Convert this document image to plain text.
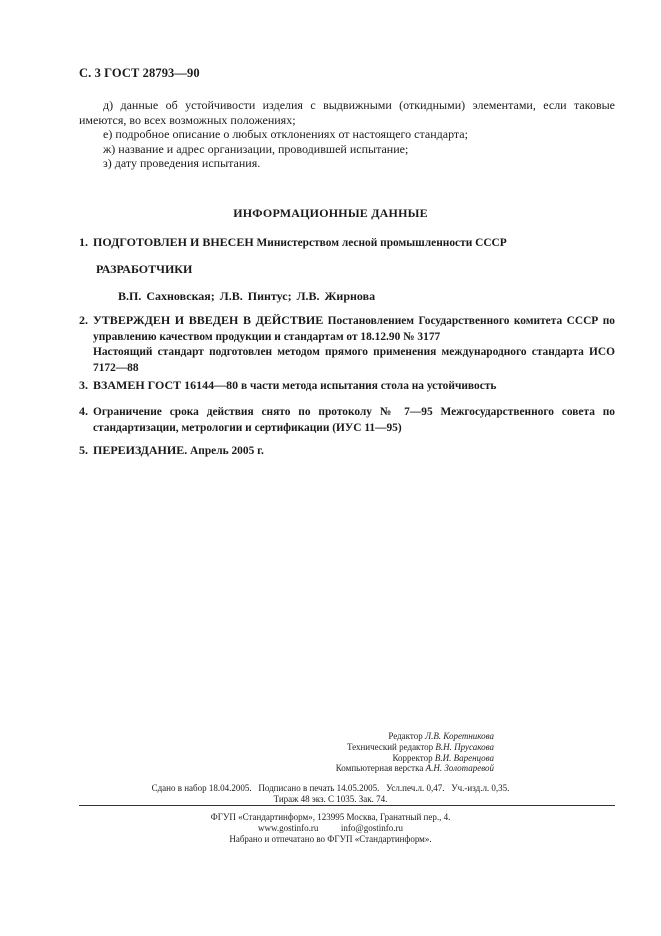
С. 3 ГОСТ 28793—90

д) данные об устойчивости изделия с выдвижными (откидными) элементами, если таковые имеются, во всех возможных положениях;

е) подробное описание о любых отклонениях от настоящего стандарта;

ж) название и адрес организации, проводившей испытание;

з) дату проведения испытания.

ИНФОРМАЦИОННЫЕ ДАННЫЕ
1. ПОДГОТОВЛЕН И ВНЕСЕН Министерством лесной промышленности СССР
РАЗРАБОТЧИКИ
В.П. Сахновская; Л.В. Пинтус; Л.В. Жирнова
2. УТВЕРЖДЕН И ВВЕДЕН В ДЕЙСТВИЕ Постановлением Государственного комитета СССР по управлению качеством продукции и стандартам от 18.12.90 № 3177
Настоящий стандарт подготовлен методом прямого применения международного стандарта ИСО 7172—88
3. ВЗАМЕН ГОСТ 16144—80 в части метода испытания стола на устойчивость
4. Ограничение срока действия снято по протоколу № 7—95 Межгосударственного совета по стандартизации, метрологии и сертификации (ИУС 11—95)
5. ПЕРЕИЗДАНИЕ. Апрель 2005 г.
Редактор Л.В. Коретникова
Технический редактор В.Н. Прусакова
Корректор В.И. Варенцова
Компьютерная верстка А.Н. Золотаревой
Сдано в набор 18.04.2005.   Подписано в печать 14.05.2005.   Усл.печ.л. 0,47.   Уч.-изд.л. 0,35.
Тираж 48 экз. С 1035. Зак. 74.
ФГУП «Стандартинформ», 123995 Москва, Гранатный пер., 4.
www.gostinfo.ru          info@gostinfo.ru
Набрано и отпечатано во ФГУП «Стандартинформ».
